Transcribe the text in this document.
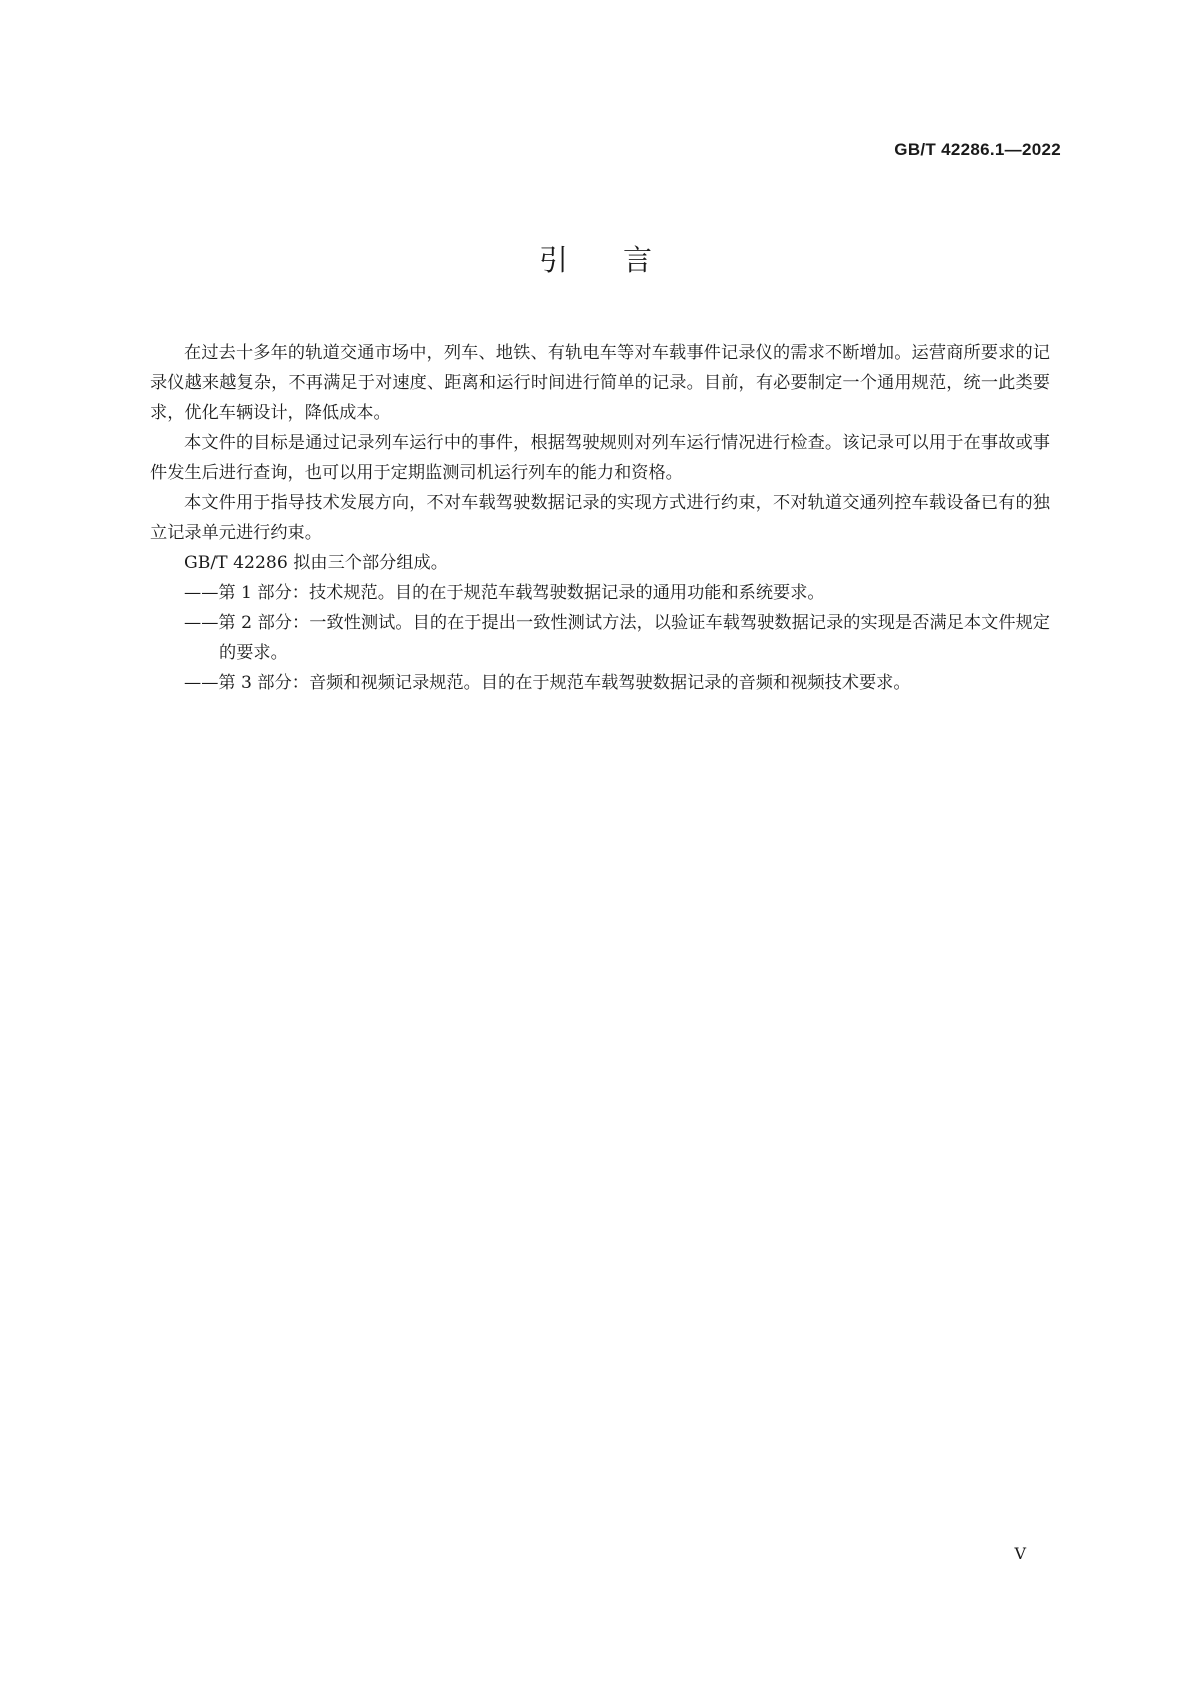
GB/T 42286.1—2022
引言

在过去十多年的轨道交通市场中，列车、地铁、有轨电车等对车载事件记录仪的需求不断增加。运营商所要求的记录仪越来越复杂，不再满足于对速度、距离和运行时间进行简单的记录。目前，有必要制定一个通用规范，统一此类要求，优化车辆设计，降低成本。

本文件的目标是通过记录列车运行中的事件，根据驾驶规则对列车运行情况进行检查。该记录可以用于在事故或事件发生后进行查询，也可以用于定期监测司机运行列车的能力和资格。

本文件用于指导技术发展方向，不对车载驾驶数据记录的实现方式进行约束，不对轨道交通列控车载设备已有的独立记录单元进行约束。

GB/T 42286 拟由三个部分组成。

——第 1 部分：技术规范。目的在于规范车载驾驶数据记录的通用功能和系统要求。

——第 2 部分：一致性测试。目的在于提出一致性测试方法，以验证车载驾驶数据记录的实现是否满足本文件规定的要求。

——第 3 部分：音频和视频记录规范。目的在于规范车载驾驶数据记录的音频和视频技术要求。

V
